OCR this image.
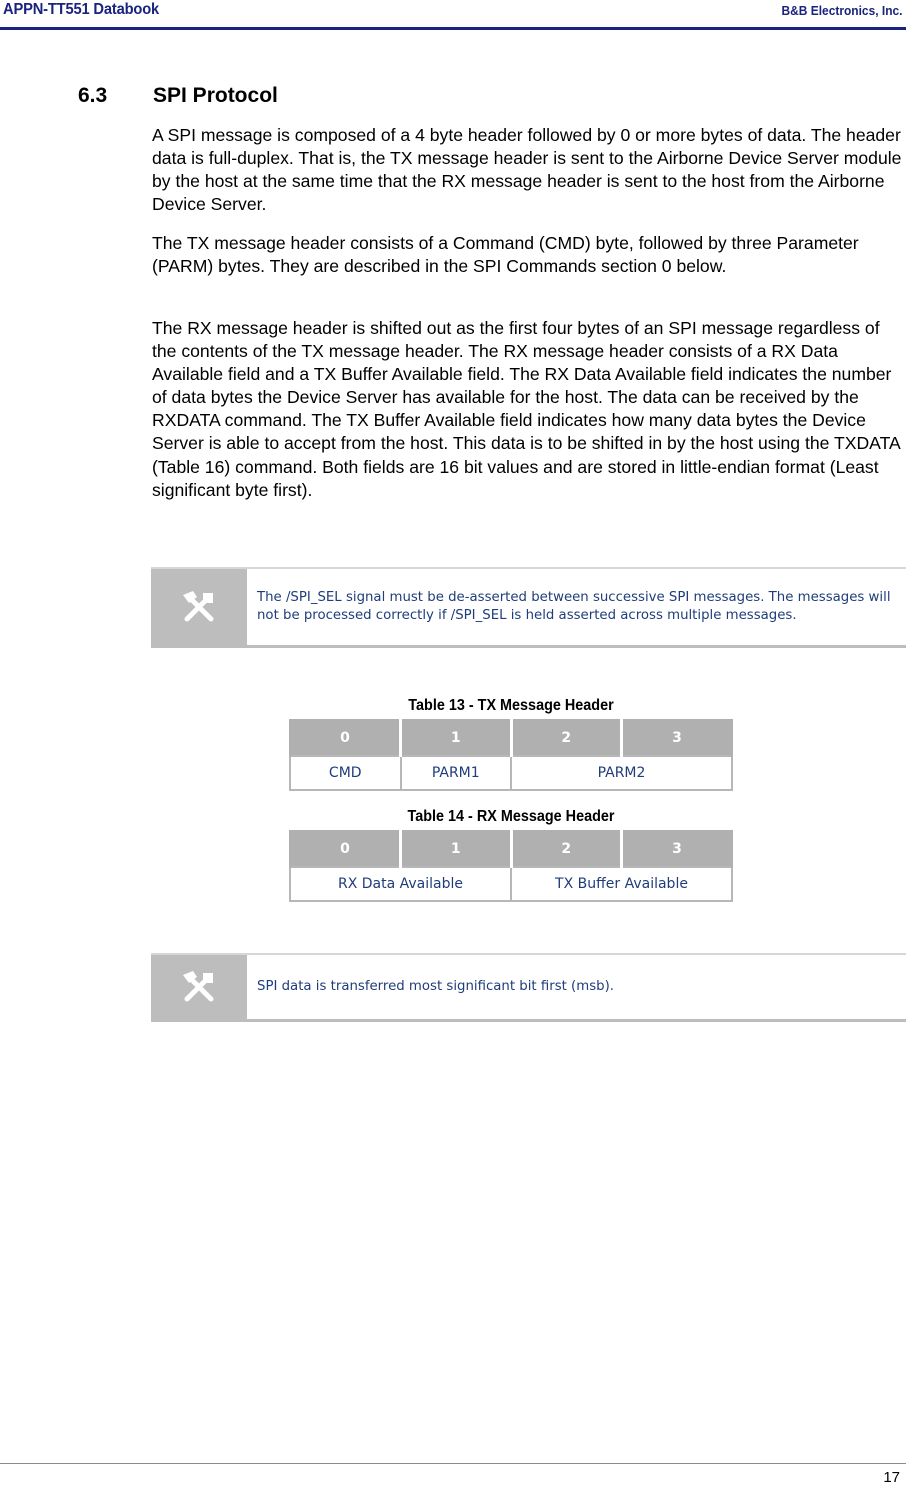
APPN-TT551 Databook	B&B Electronics, Inc.
6.3 SPI Protocol
A SPI message is composed of a 4 byte header followed by 0 or more bytes of data. The header data is full-duplex. That is, the TX message header is sent to the Airborne Device Server module by the host at the same time that the RX message header is sent to the host from the Airborne Device Server.
The TX message header consists of a Command (CMD) byte, followed by three Parameter (PARM) bytes. They are described in the SPI Commands section 0 below.
The RX message header is shifted out as the first four bytes of an SPI message regardless of the contents of the TX message header. The RX message header consists of a RX Data Available field and a TX Buffer Available field. The RX Data Available field indicates the number of data bytes the Device Server has available for the host. The data can be received by the RXDATA command. The TX Buffer Available field indicates how many data bytes the Device Server is able to accept from the host. This data is to be shifted in by the host using the TXDATA (Table 16) command. Both fields are 16 bit values and are stored in little-endian format (Least significant byte first).
The /SPI_SEL signal must be de-asserted between successive SPI messages. The messages will not be processed correctly if /SPI_SEL is held asserted across multiple messages.
Table 13 - TX Message Header
0	1	2	3
CMD	PARM1	PARM2	
Table 14 - RX Message Header
0	1	2	3
RX Data Available		TX Buffer Available	
SPI data is transferred most significant bit first (msb).
17
